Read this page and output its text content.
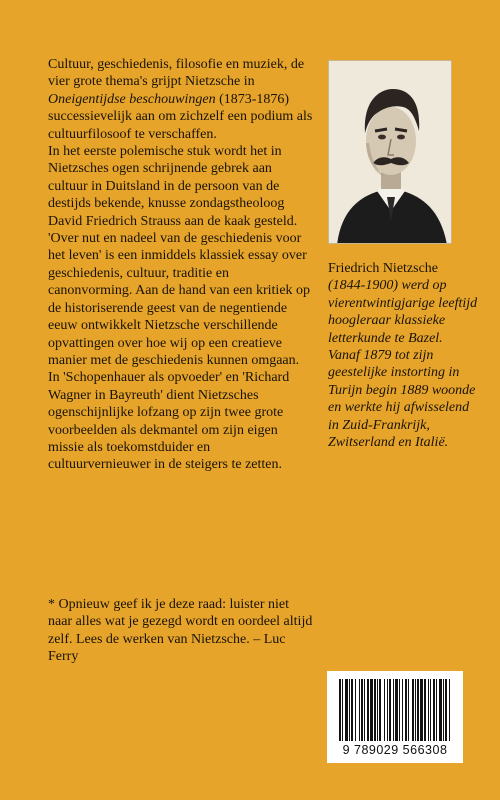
Cultuur, geschiedenis, filosofie en muziek, de vier grote thema's grijpt Nietzsche in Oneigentijdse beschouwingen (1873-1876) successievelijk aan om zichzelf een podium als cultuurfilosoof te verschaffen.

In het eerste polemische stuk wordt het in Nietzsches ogen schrijnende gebrek aan cultuur in Duitsland in de persoon van de destijds bekende, knusse zondagstheoloog David Friedrich Strauss aan de kaak gesteld.

'Over nut en nadeel van de geschiedenis voor het leven' is een inmiddels klassiek essay over geschiedenis, cultuur, traditie en canonvorming. Aan de hand van een kritiek op de historiserende geest van de negentiende eeuw ontwikkelt Nietzsche verschillende opvattingen over hoe wij op een creatieve manier met de geschiedenis kunnen omgaan.

In 'Schopenhauer als opvoeder' en 'Richard Wagner in Bayreuth' dient Nietzsches ogenschijnlijke lofzang op zijn twee grote voorbeelden als dekmantel om zijn eigen missie als toekomstduider en cultuurvernieuwer in de steigers te zetten.

* Opnieuw geef ik je deze raad: luister niet naar alles wat je gezegd wordt en oordeel altijd zelf. Lees de werken van Nietzsche. – Luc Ferry

Friedrich Nietzsche (1844-1900) werd op vierentwintigjarige leeftijd hoogleraar klassieke letterkunde te Bazel. Vanaf 1879 tot zijn geestelijke instorting in Turijn begin 1889 woonde en werkte hij afwisselend in Zuid-Frankrijk, Zwitserland en Italië.

9 789029 566308
